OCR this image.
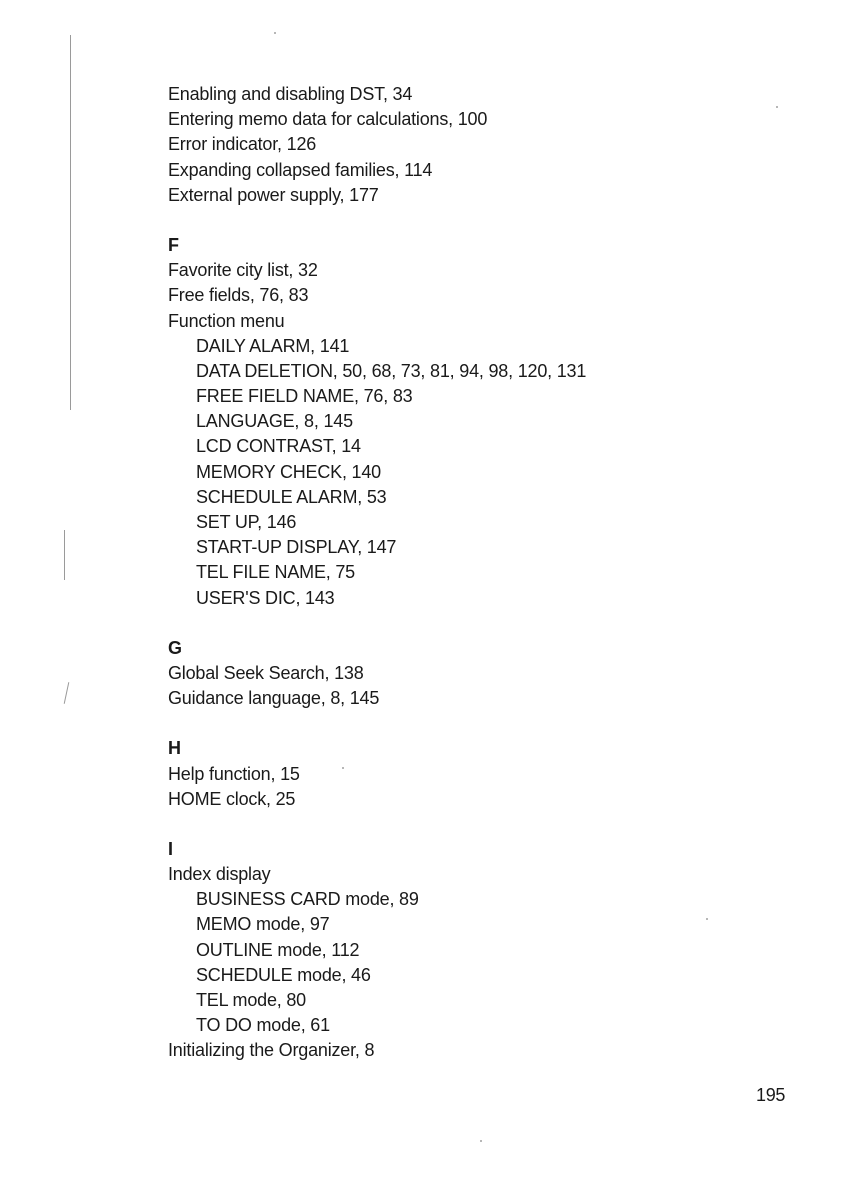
Enabling and disabling DST, 34
Entering memo data for calculations, 100
Error indicator, 126
Expanding collapsed families, 114
External power supply, 177
F
Favorite city list, 32
Free fields, 76, 83
Function menu
DAILY ALARM, 141
DATA DELETION, 50, 68, 73, 81, 94, 98, 120, 131
FREE FIELD NAME, 76, 83
LANGUAGE, 8, 145
LCD CONTRAST, 14
MEMORY CHECK, 140
SCHEDULE ALARM, 53
SET UP, 146
START-UP DISPLAY, 147
TEL FILE NAME, 75
USER'S DIC, 143
G
Global Seek Search, 138
Guidance language, 8, 145
H
Help function, 15
HOME clock, 25
I
Index display
BUSINESS CARD mode, 89
MEMO mode, 97
OUTLINE mode, 112
SCHEDULE mode, 46
TEL mode, 80
TO DO mode, 61
Initializing the Organizer, 8
195
